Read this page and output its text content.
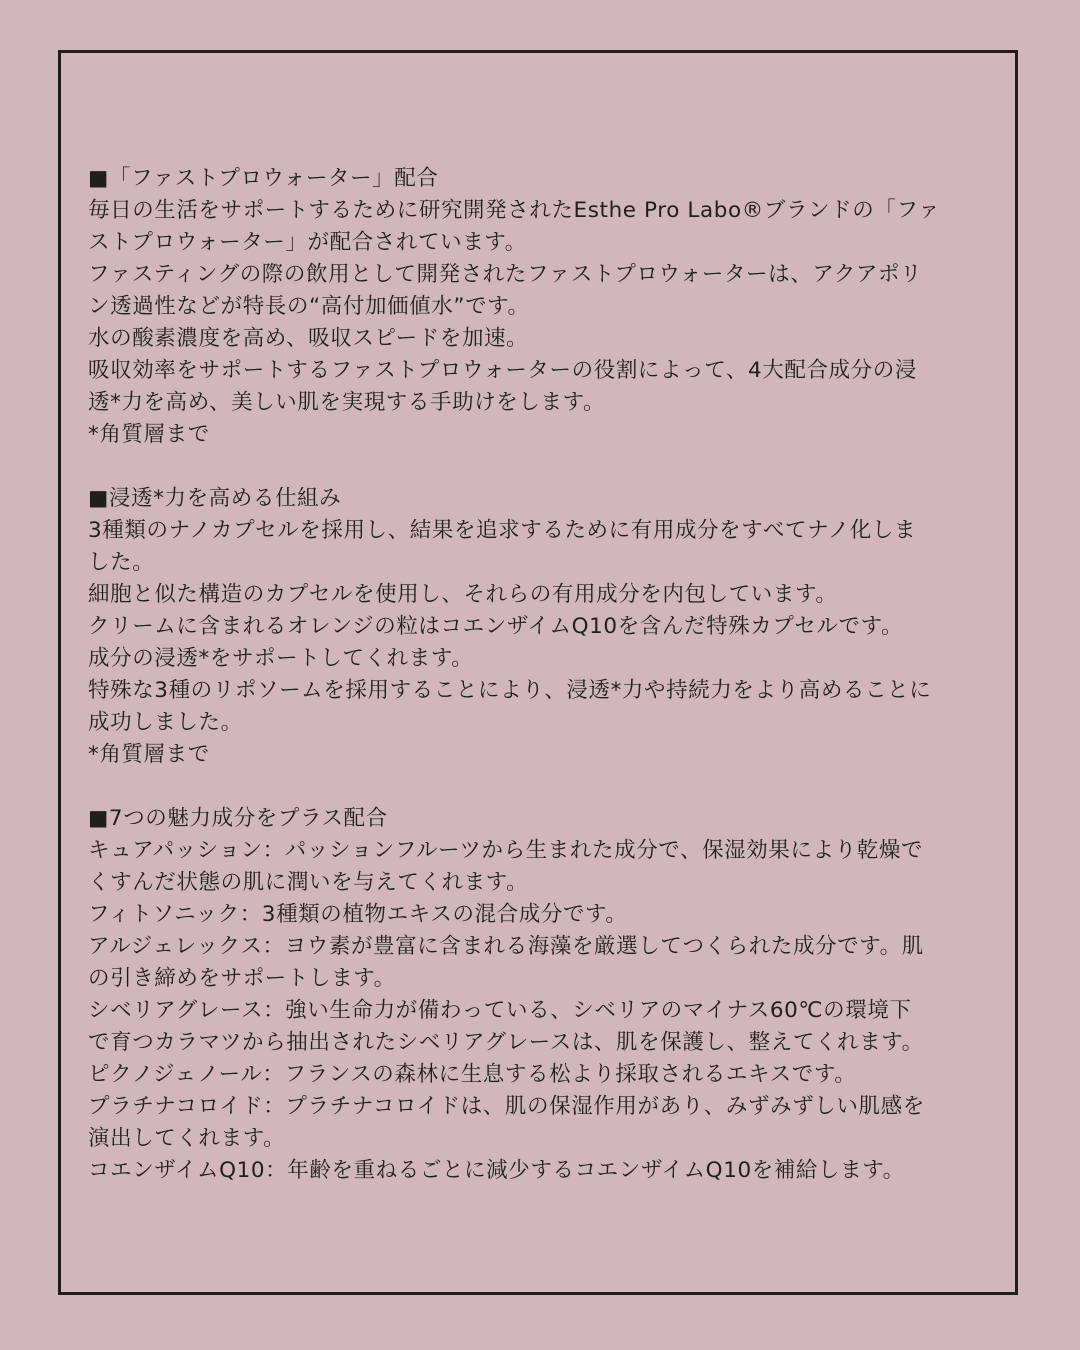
■「ファストプロウォーター」配合
毎日の生活をサポートするために研究開発されたEsthe Pro Labo®ブランドの「ファ
ストプロウォーター」が配合されています。
ファスティングの際の飲用として開発されたファストプロウォーターは、アクアポリ
ン透過性などが特長の“高付加価値水”です。
水の酸素濃度を高め、吸収スピードを加速。
吸収効率をサポートするファストプロウォーターの役割によって、4大配合成分の浸
透*力を高め、美しい肌を実現する手助けをします。
*角質層まで
■浸透*力を高める仕組み
3種類のナノカプセルを採用し、結果を追求するために有用成分をすべてナノ化しま
した。
細胞と似た構造のカプセルを使用し、それらの有用成分を内包しています。
クリームに含まれるオレンジの粒はコエンザイムQ10を含んだ特殊カプセルです。
成分の浸透*をサポートしてくれます。
特殊な3種のリポソームを採用することにより、浸透*力や持続力をより高めることに
成功しました。
*角質層まで
■7つの魅力成分をプラス配合
キュアパッション：パッションフルーツから生まれた成分で、保湿効果により乾燥で
くすんだ状態の肌に潤いを与えてくれます。
フィトソニック：3種類の植物エキスの混合成分です。
アルジェレックス：ヨウ素が豊富に含まれる海藻を厳選してつくられた成分です。肌
の引き締めをサポートします。
シベリアグレース：強い生命力が備わっている、シベリアのマイナス60℃の環境下
で育つカラマツから抽出されたシベリアグレースは、肌を保護し、整えてくれます。
ピクノジェノール：フランスの森林に生息する松より採取されるエキスです。
プラチナコロイド：プラチナコロイドは、肌の保湿作用があり、みずみずしい肌感を
演出してくれます。
コエンザイムQ10：年齢を重ねるごとに減少するコエンザイムQ10を補給します。
